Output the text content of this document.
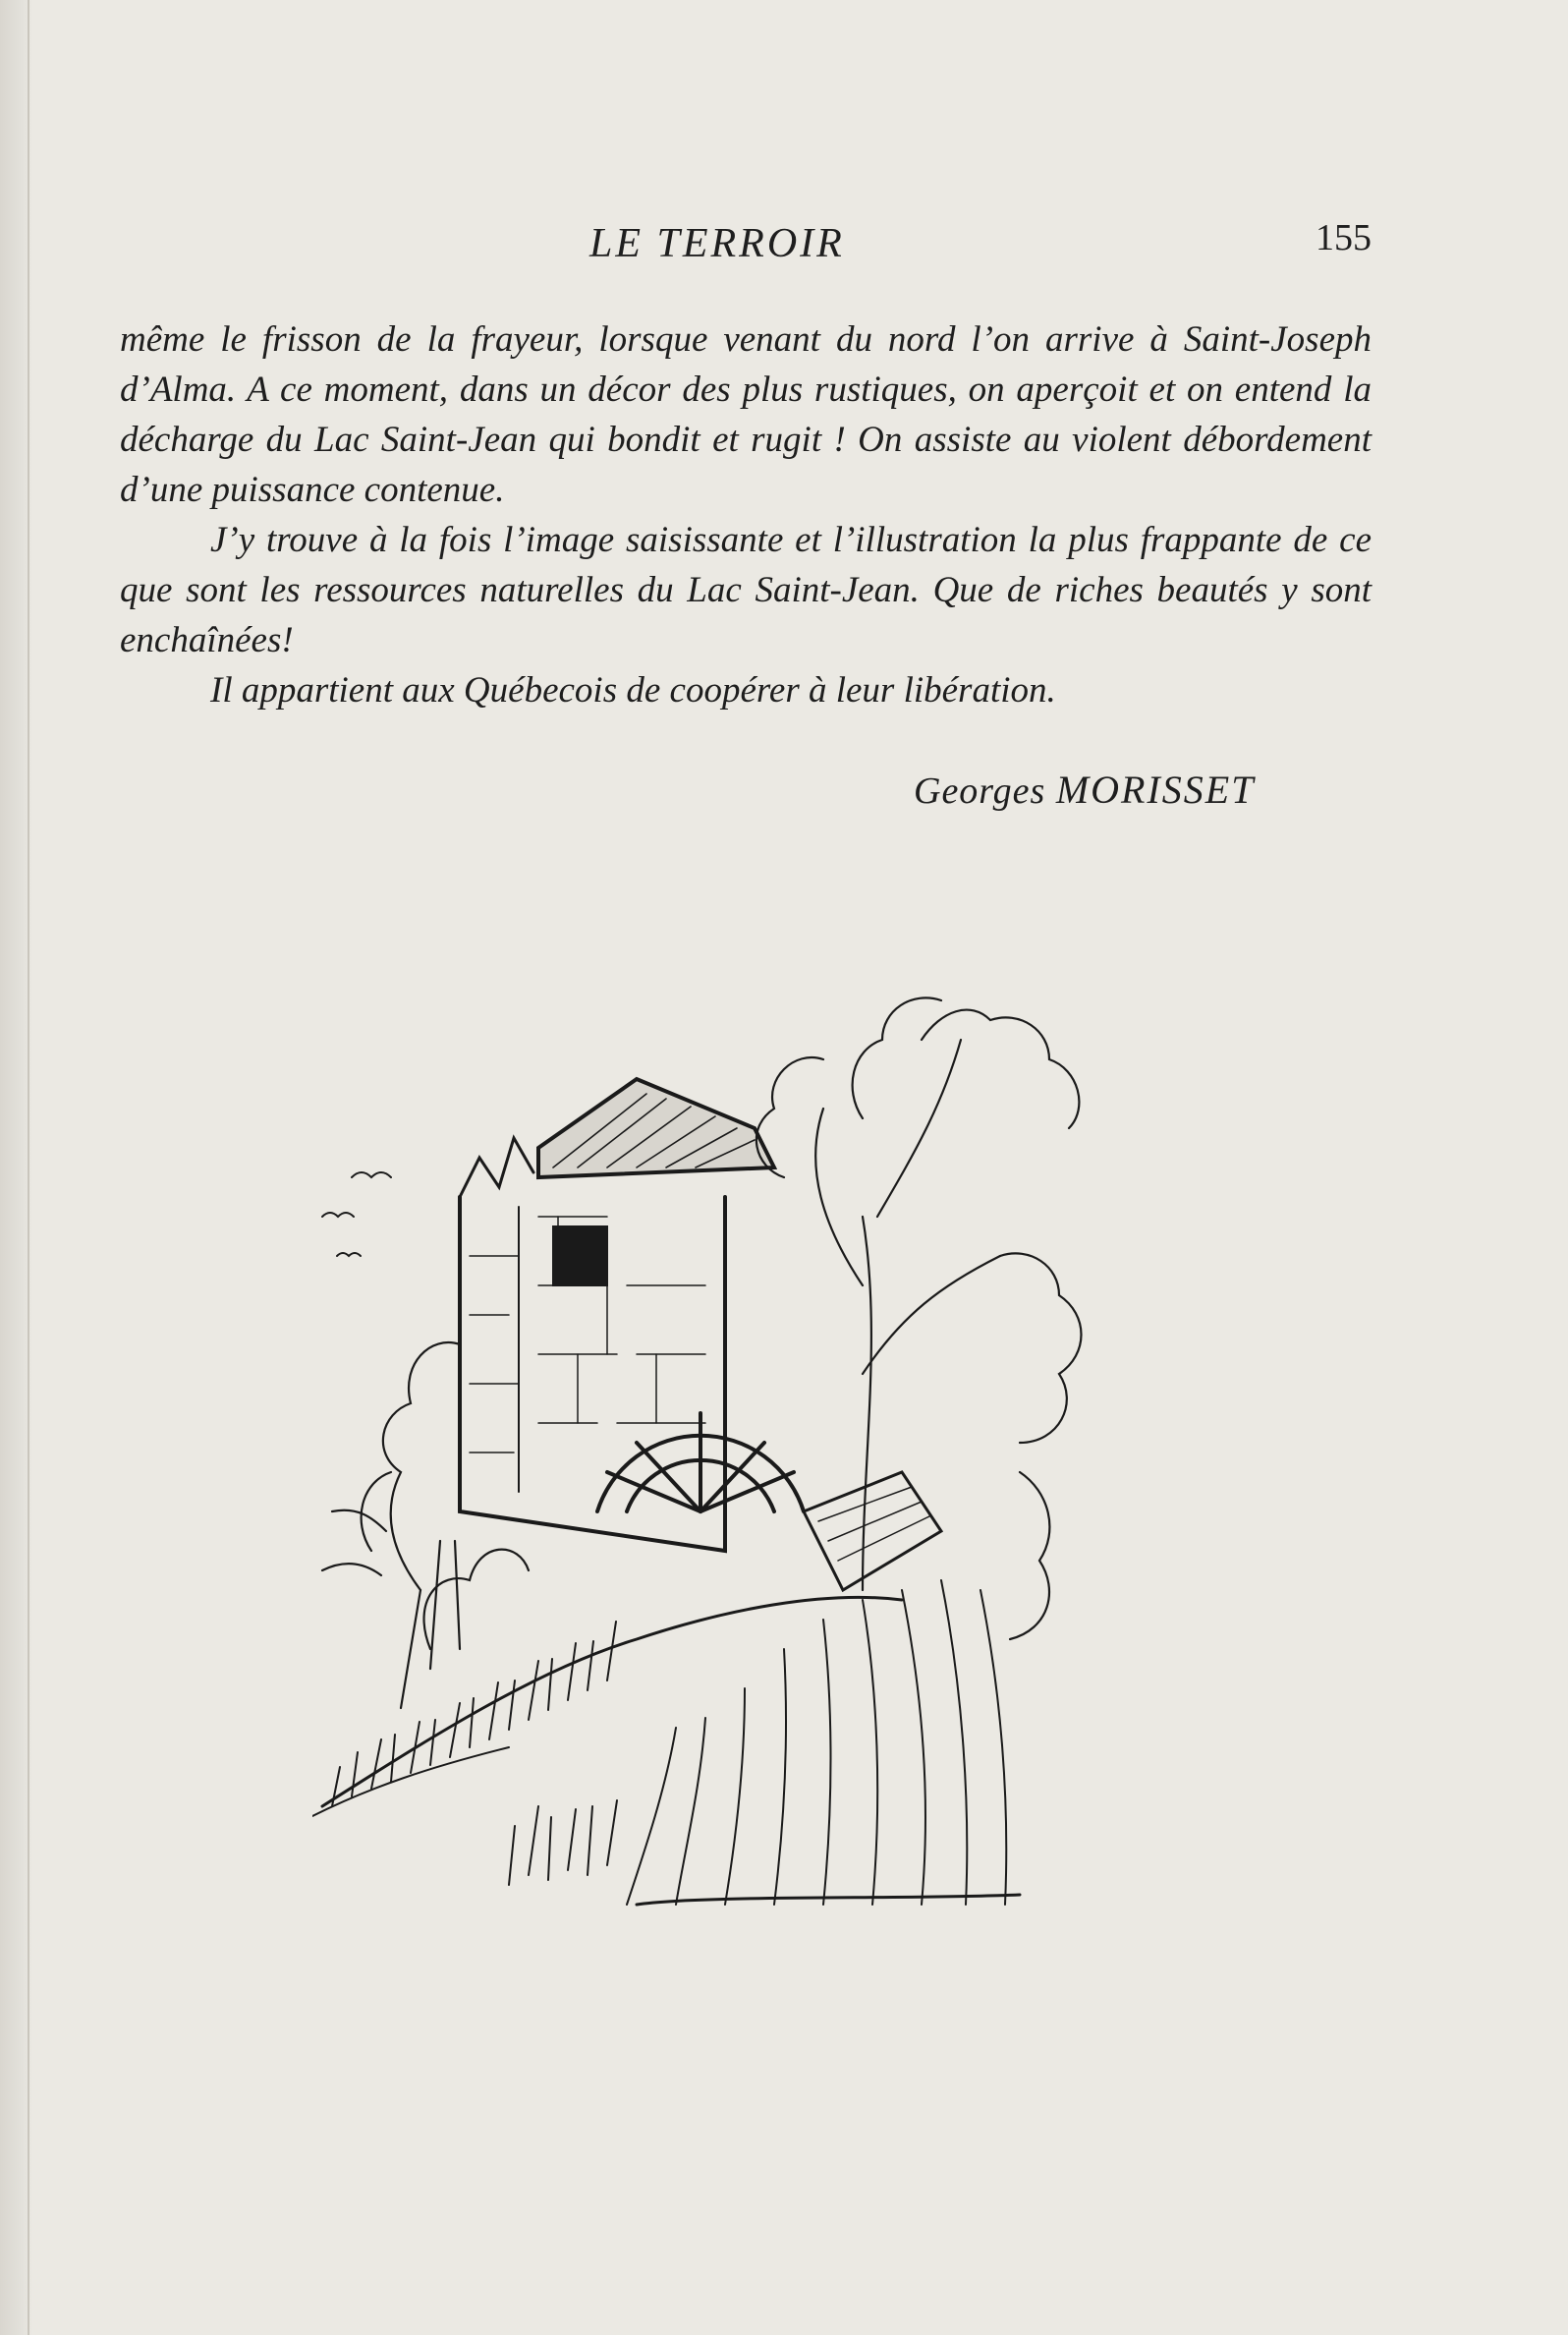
LE TERROIR	155

même le frisson de la frayeur, lorsque venant du nord l’on arrive à Saint-Joseph d’Alma. A ce moment, dans un décor des plus rustiques, on aperçoit et on entend la décharge du Lac Saint-Jean qui bondit et rugit ! On assiste au violent débordement d’une puissance contenue.

J’y trouve à la fois l’image saisissante et l’illustration la plus frappante de ce que sont les ressources naturelles du Lac Saint-Jean. Que de riches beautés y sont enchaînées!

Il appartient aux Québecois de coopérer à leur libération.

Georges MORISSET
